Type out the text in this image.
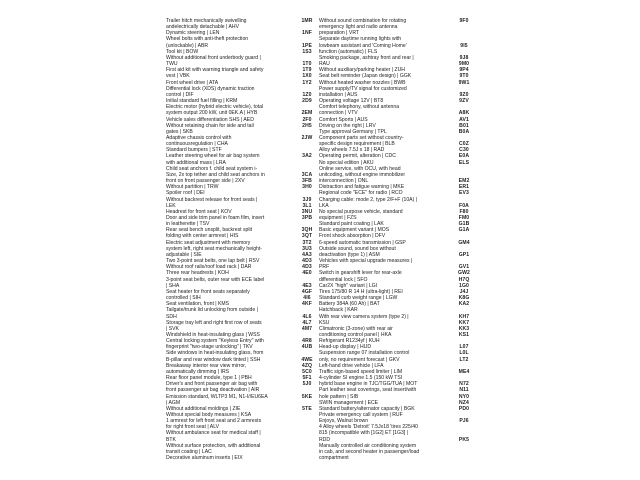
Trailer hitch mechanically swivelling
andelectrically detachable | AHV
Dynamic steering | LEN
Wheel bolts with anti-theft protection
(unlockable) | ABR
Tool kit | BOW
Without additional front underbody guard |
TWU
First aid kit with warning triangle and safety
vest | VBK
Front wheel drive | ATA
Differential lock (XDS) dynamic traction
control | DIF
Initial standard fuel filling | KRM
Electric motor (hybrid electric vehicle), total
system output 200 kW, unit 0EK.A | HYB
Vehicle sales differentiation SHS | AED
Without retaining chain for side and tail
gates | SKB
Adaptive chassis control with
continuousregulation | CHA
Standard bumpers | STF
Leather steering wheel for air bag system
with additional mass | LRA
Child seat anchors f. child seat system i-
Size, 2x top tether and child seat anchors in
front on front passenger side | 2XV
Without partition | TRW
Spoiler roof | DEI
Without backrest release for front seats |
LEK
Headrest for front seat | KOV
Door and side trim panel in foam film, insert
in leatherette | TSV
Rear seat bench unsplit, backrest split
folding with center armrest | HIS
Electric seat adjustment with memory
system left, right seat mechanically height-
adjustable | SIE
Two 3-point seat belts, one lap belt | RSV
Without roof rails/roof load rack | DAR
Three rear headrests | KOH
3-point seat belts, outer rear with ECE label
| SHA
Seat heater for front seats separately
controlled | SIH
Seat ventilation, front | KMS
Tailgate/trunk lid unlocking from outside |
SDH
Storage tray left and right first row of seats
| SVK
Windshield in heat-insulating glass | WSS
Central locking system "Keyless Entry" with
fingerprint "two-stage unlocking" | TKV
Side windows in heat-insulating glass, from
B-pillar and rear window dark tinted | SSH
Breakaway interior rear view mirror,
automatically dimming | IRS
Rear floor panel module, type 1 | PBH
Driver's and front passenger air bag with
front passenger air bag deactivation | AIR
Emission standard, WLTP3 M1, N1-I//EU6EA
| AGM
Without additional moldings | ZIE
Without special body measures | KSA
1 armrest for left front seat and 2 armrests
for right front seat | ALV
Without ambulance seat for medical staff |
BTK
Without surface protection, with additional
transit coating | LAC
Decorative aluminum inserts | EIX
1MR

1NF

1PE
1S3

1T0
1T9
1X0
1Y2

1Z0
2D9

2EM
2F0
2H5

2JW

3A2

3CA
3FB
3H0

3J9
3L1
3NU
3PB

3QH
3QT
3T2
3U3
4A3
4D3
4D3
4E0

4E3
4GF
4I6
4KF

4L6
4L7
4M7

4R8
4UB

4WE
4ZQ
5C0
5F1
5J0

5KE

5TE

Without sound combination for rotating
emergency light and radio antenna
preparation | VRT
Separate daytime running lights with
lowbeam assistant and 'Coming Home'
function (automatic) | FLS
Smoking package, ashtray front and rear |
RAU
Without auxiliary/parking heater | ZUH
Seat belt reminder (Japan design) | GGK
Without heated washer nozzles | BWB
Power supply/TV signal for customized
installation | AUS
Operating voltage 12V | BT8
Comfort telephony, without antenna
connection | VTV
Comfort Sports | AUS
Driving on the right | LRV
Type approval Germany | TPL
Component parts set without country-
specific design requirement | BLB
Alloy wheels 7.5J x 18 | RAD
Operating permit, alteration | CDC
No special edition | AKU
Online service, with OCU, with head
unitcoding, without engine immobilizer
interconnection | ONL
Distraction and fatigue warning | MKE
Regional code "ECE" for radio | RCO
Charging cable: mode 2, type 2/F+F (10A) |
LKA
No special purpose vehicle, standard
equipment | FZS
Standard paint coating | LAK
Basic equipment variant | MOS
Front shock absorption | DFV
6-speed automatic transmission | GSP
Outside sound, sound box without
deactivation (type 1) | ASM
Vehicles with special upgrade measures |
PRF
Switch in gearshift lever for rear-axle
differential lock | SFO
Car2X "high" variant | LGI
Tires 175/80 R 14 H (ultra-light) | REI
Standard curb weight range | LGW
Battery 384A (60 Ah) | BAT
Hatchback | KAR
With rear view camera system (type 2) |
KSU
Climatronic (3-zone) with rear air
conditioning control panel | HKA
Refrigerant R1234yf | KUH
Head-up display | HUD
Suspension range 07 installation control
only, no requirement forecast | GKV
Left-hand drive vehicle | LFA
Traffic sign-based speed limiter | LIM
4-cylinder SI engine 1.5 (150 kW TSI
hybrid base engine in TJC/TGG/TUA | MOT
Part leather seat coverings, seat insert/with
hole pattern | SIB
SWIN management | ECE
Standard battery/alternator capacity | BGK
Private emergency call system | RUF
Enjoys, Walnut brown
4 Alloy wheels 'Detroit' 7.5Jx18 'tires 225/40
815 (incompatible with [1G2] ET [1G3] |
RDD
Manually controlled air conditioning system
in cab, and second heater in passenger/load
compartment
9F0

9I5

9J8
9M0
9P4
9T0
9W1

9Z0
9ZV

A8K
AV1
B01
B0A

C0Z
C30
E0A
ELS

EM2
ER1
EV3

F0A
F80
FM0
G1B
G1A

GM4

GP1

GV1
GW2
H7Q
1G0
J4J
K8G
KA2

KH7
KK7
KK3
KS1

L07
L0L
LT2

ME4

N72
N11
NY0
NZ4
PD0

PJ6

PK5
